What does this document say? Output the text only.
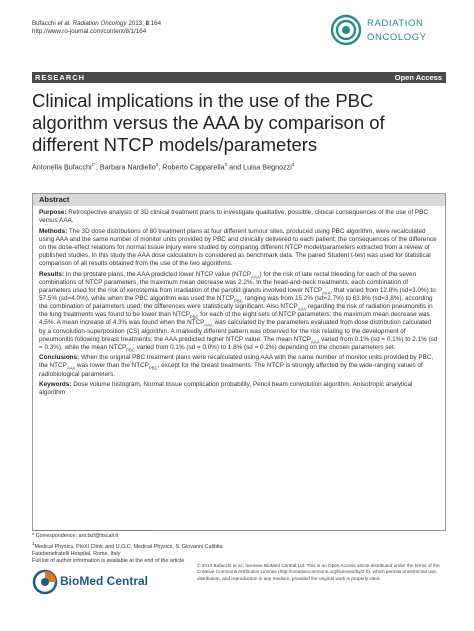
Bufacchi et al. Radiation Oncology 2013, 8:164
http://www.ro-journal.com/content/8/1/164
RADIATION
ONCOLOGY
RESEARCH	Open Access
Clinical implications in the use of the PBC algorithm versus the AAA by comparison of different NTCP models/parameters
Antonella Bufacchi$^{1*}$, Barbara Nardiello$^2$, Roberto Capparella$^3$ and Luisa Begnozzi$^3$
Abstract

Purpose: Retrospective analysis of 3D clinical treatment plans to investigate qualitative, possible, clinical consequences of the use of PBC versus AAA.

Methods: The 3D dose distributions of 80 treatment plans at four different tumour sites, produced using PBC algorithm, were recalculated using AAA and the same number of monitor units provided by PBC and clinically delivered to each patient; the consequences of the difference on the dose-effect relations for normal tissue injury were studied by comparing different NTCP model/parameters extracted from a review of published studies. In this study the AAA dose calculation is considered as benchmark data. The paired Student t-test was used for statistical comparison of all results obtained from the use of the two algorithms.

Results: In the prostate plans, the AAA predicted lower NTCP value $(NTCP_{AAA})$ for the risk of late rectal bleeding for each of the seven combinations of NTCP parameters, the maximum mean decrease was 2.2%. In the head-and-neck treatments, each combination of parameters used for the risk of xerostemia from irradiation of the parotid glands involved lower $NTCP_{AAA}$, that varied from 12.8% (sd=3.0%) to 57.5% (sd=4.0%), while when the PBC algorithm was used the $NTCP_{PBC}$ ranging was from 15.2% (sd=2.7%) to 63.8% (sd=3.8%), according the combination of parameters used; the differences were statistically significant. Also $NTCP_{AAA}$ regarding the risk of radiation pneumonitis in the lung treatments was found to be lower than $NTCP_{PBC}$ for each of the eight sets of NTCP parameters; the maximum mean decrease was 4.5%. A mean increase of 4.3% was found when the $NTCP_{AAA}$ was calculated by the parameters evaluated from dose distribution calculated by a convolution-superposition (CS) algorithm. A markedly different pattern was observed for the risk relating to the development of pneumonitis following breast treatments: the AAA predicted higher NTCP value. The mean $NTCP_{AAA}$ varied from 0.1% (sd = 0.1%) to 2.1% (sd = 0.3%), while the mean $NTCP_{PBC}$ varied from 0.1% (sd = 0.0%) to 1.8% (sd = 0.2%) depending on the chosen parameters set.

Conclusions: When the original PBC treatment plans were recalculated using AAA with the same number of monitor units provided by PBC, the $NTCP_{AAA}$ was lower than the $NTCP_{PBC}$, except for the breast treatments. The NTCP is strongly affected by the wide-ranging values of radiobiological parameters.

Keywords: Dose volume histogram, Normal tissue complication probability, Pencil beam convolution algorithm, Anisotropic analytical algorithm

* Correspondence: ant.buf@tiscali.it
$^1$Medical Physics, PioXI Clinic and U.O.C. Medical Physics, S. Giovanni Calibita Fatebenefratelli Hospital, Rome, Italy
Full list of author information is available at the end of the article
BioMed Central
© 2013 Bufacchi et al.; licensee BioMed Central Ltd. This is an Open Access article distributed under the terms of the Creative Commons Attribution License (http://creativecommons.org/licenses/by/2.0), which permits unrestricted use, distribution, and reproduction in any medium, provided the original work is properly cited.
